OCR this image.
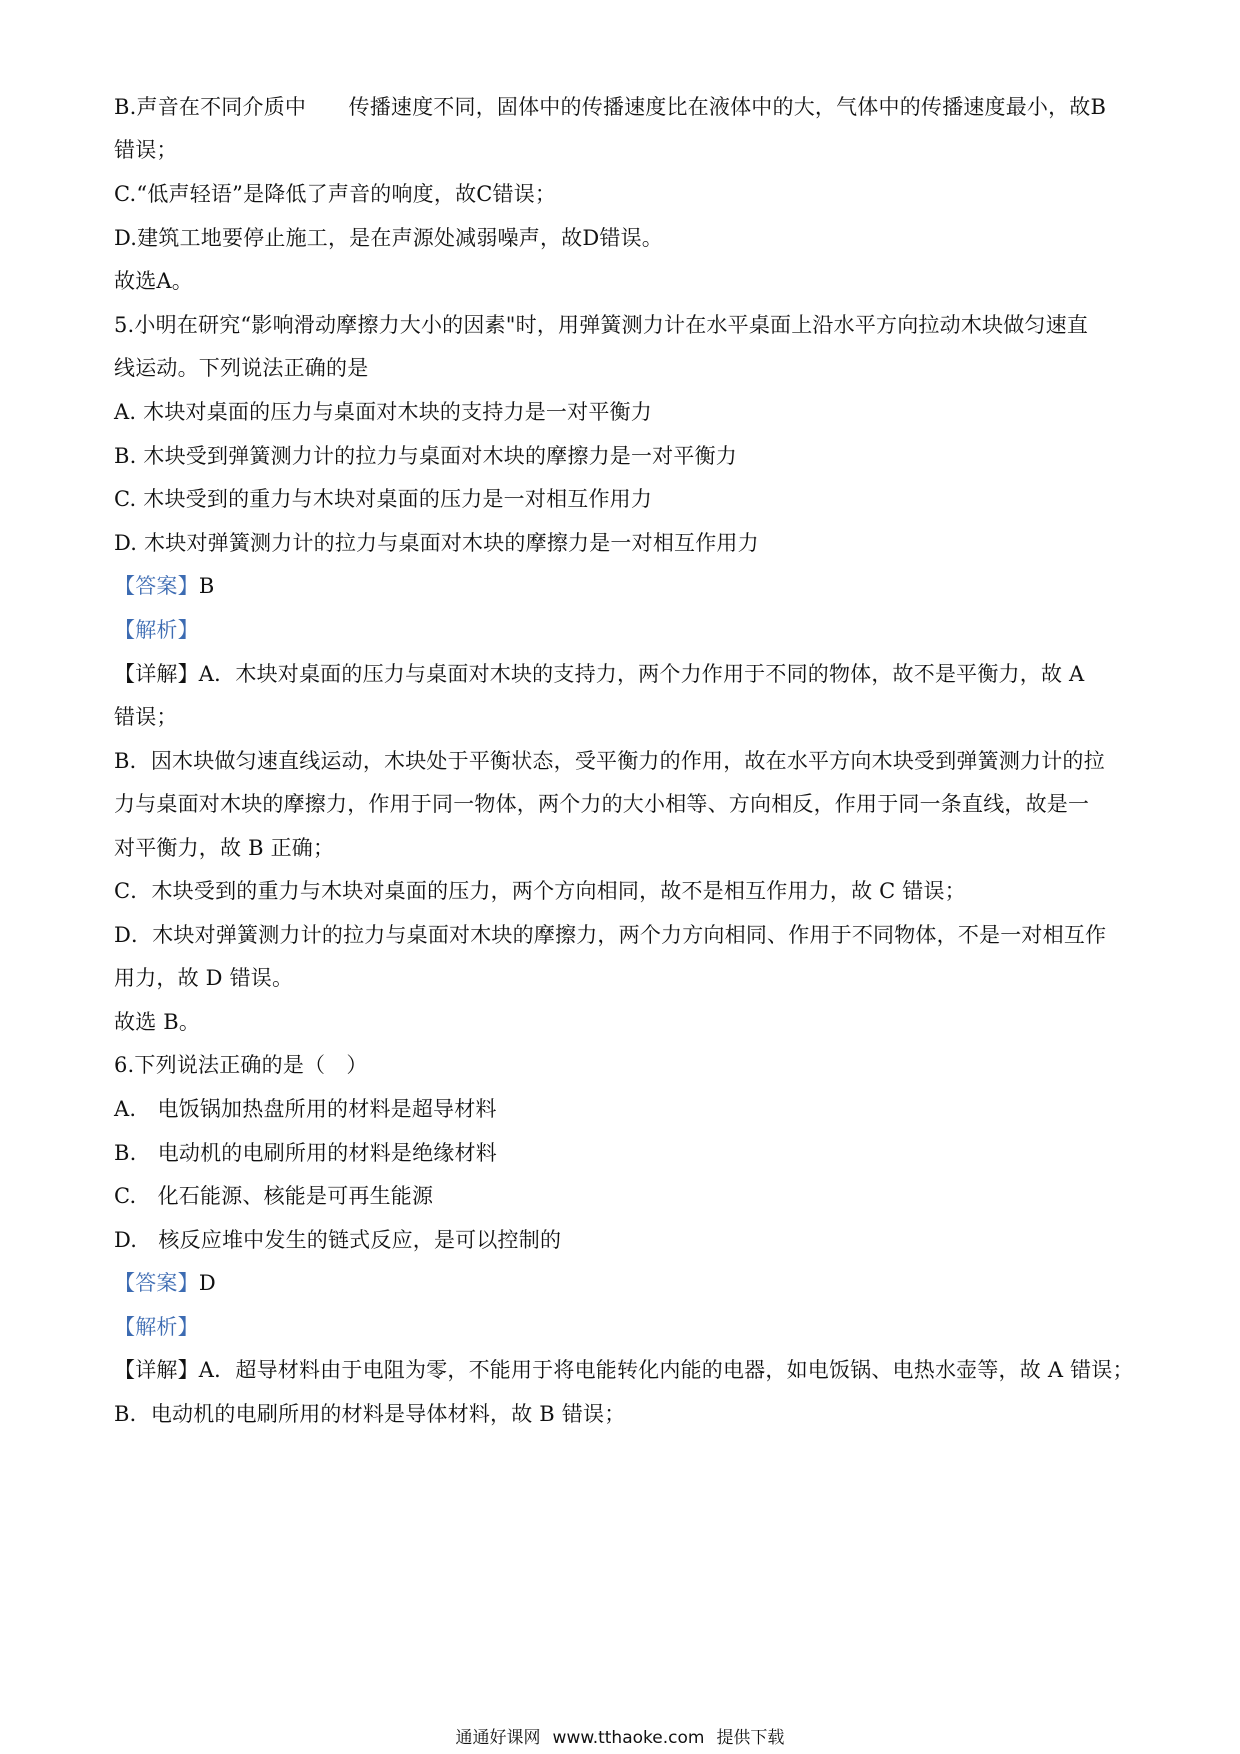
B.声音在不同介质中　　传播速度不同，固体中的传播速度比在液体中的大，气体中的传播速度最小，故B
错误；
C.“低声轻语”是降低了声音的响度，故C错误；
D.建筑工地要停止施工，是在声源处减弱噪声，故D错误。
故选A。
5.小明在研究“影响滑动摩擦力大小的因素"时，用弹簧测力计在水平桌面上沿水平方向拉动木块做匀速直
线运动。下列说法正确的是
A. 木块对桌面的压力与桌面对木块的支持力是一对平衡力
B. 木块受到弹簧测力计的拉力与桌面对木块的摩擦力是一对平衡力
C. 木块受到的重力与木块对桌面的压力是一对相互作用力
D. 木块对弹簧测力计的拉力与桌面对木块的摩擦力是一对相互作用力
【答案】B
【解析】
【详解】A．木块对桌面的压力与桌面对木块的支持力，两个力作用于不同的物体，故不是平衡力，故 A
错误；
B．因木块做匀速直线运动，木块处于平衡状态，受平衡力的作用，故在水平方向木块受到弹簧测力计的拉
力与桌面对木块的摩擦力，作用于同一物体，两个力的大小相等、方向相反，作用于同一条直线，故是一
对平衡力，故 B 正确；
C．木块受到的重力与木块对桌面的压力，两个方向相同，故不是相互作用力，故 C 错误；
D．木块对弹簧测力计的拉力与桌面对木块的摩擦力，两个力方向相同、作用于不同物体，不是一对相互作
用力，故 D 错误。
故选 B。
6.下列说法正确的是（　）
A.　电饭锅加热盘所用的材料是超导材料
B.　电动机的电刷所用的材料是绝缘材料
C.　化石能源、核能是可再生能源
D.　核反应堆中发生的链式反应，是可以控制的
【答案】D
【解析】
【详解】A．超导材料由于电阻为零，不能用于将电能转化内能的电器，如电饭锅、电热水壶等，故 A 错误；
B．电动机的电刷所用的材料是导体材料，故 B 错误；
通通好课网 www.tthaoke.com 提供下载
